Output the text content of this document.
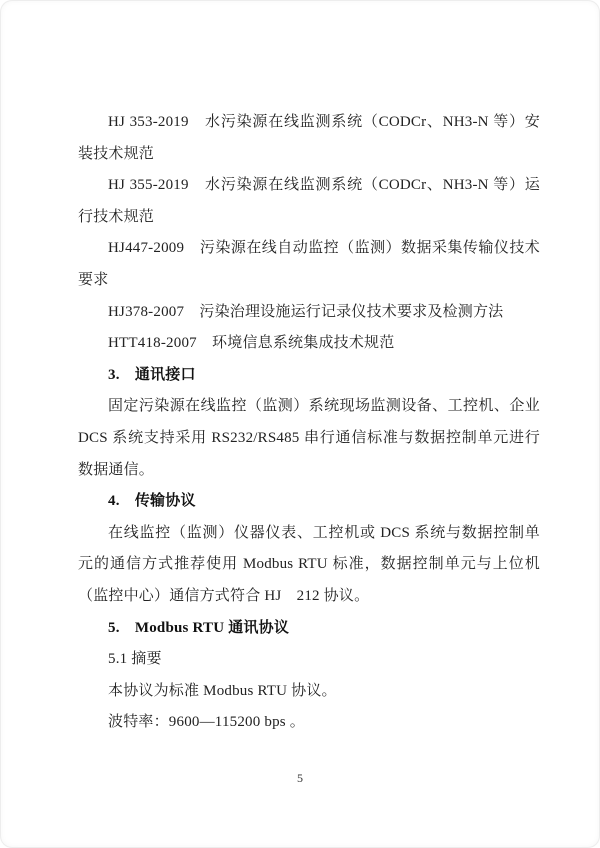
HJ 353-2019　水污染源在线监测系统（CODCr、NH3-N 等）安装技术规范

HJ 355-2019　水污染源在线监测系统（CODCr、NH3-N 等）运行技术规范

HJ447-2009　污染源在线自动监控（监测）数据采集传输仪技术要求

HJ378-2007　污染治理设施运行记录仪技术要求及检测方法

HTT418-2007　环境信息系统集成技术规范

3.　通讯接口

固定污染源在线监控（监测）系统现场监测设备、工控机、企业 DCS 系统支持采用 RS232/RS485 串行通信标准与数据控制单元进行数据通信。

4.　传输协议

在线监控（监测）仪器仪表、工控机或 DCS 系统与数据控制单元的通信方式推荐使用 Modbus RTU 标准，数据控制单元与上位机（监控中心）通信方式符合 HJ　212 协议。

5.　Modbus RTU 通讯协议

5.1 摘要

本协议为标准 Modbus RTU 协议。

波特率：9600—115200 bps 。

5
